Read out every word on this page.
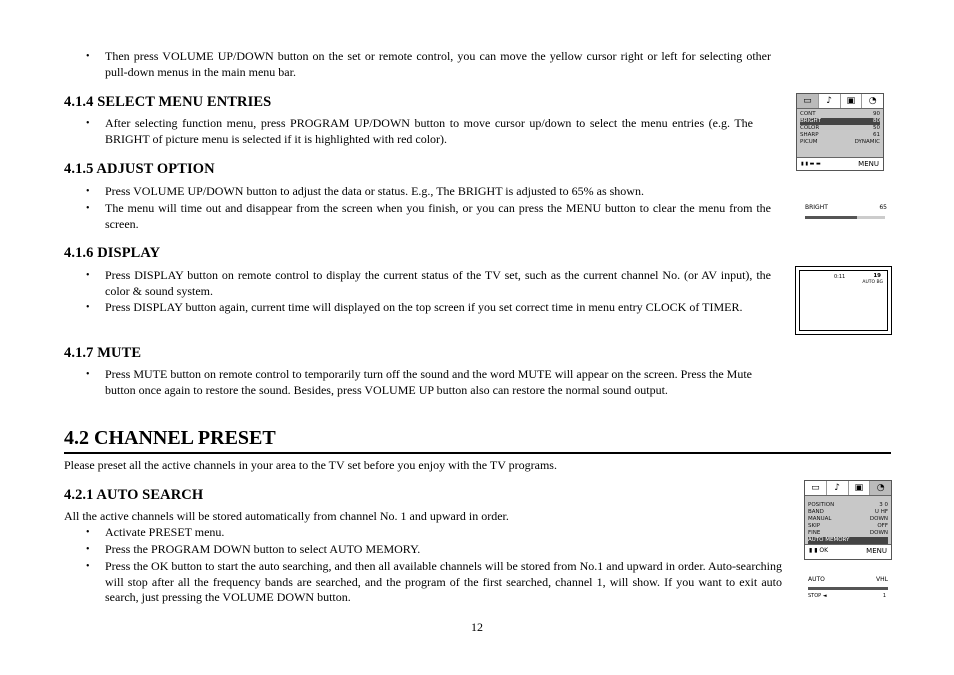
• Then press VOLUME UP/DOWN button on the set or remote control, you can move the yellow cursor right or left for selecting other pull-down menus in the main menu bar.
4.1.4 SELECT MENU ENTRIES
• After selecting function menu, press PROGRAM UP/DOWN button to move cursor up/down to select the menu entries (e.g. The BRIGHT of picture menu is selected if it is highlighted with red color).
4.1.5 ADJUST OPTION
• Press VOLUME UP/DOWN button to adjust the data or status. E.g., The BRIGHT is adjusted to 65% as shown.
• The menu will time out and disappear from the screen when you finish, or you can press the MENU button to clear the menu from the screen.
4.1.6 DISPLAY
• Press DISPLAY button on remote control to display the current status of the TV set, such as the current channel No. (or AV input), the color & sound system.
• Press DISPLAY button again, current time will displayed on the top screen if you set correct time in menu entry CLOCK of TIMER.
4.1.7 MUTE
• Press MUTE button on remote control to temporarily turn off the sound and the word MUTE will appear on the screen. Press the Mute button once again to restore the sound. Besides, press VOLUME UP button also can restore the normal sound output.
4.2 CHANNEL PRESET
Please preset all the active channels in your area to the TV set before you enjoy with the TV programs.
4.2.1 AUTO SEARCH
All the active channels will be stored automatically from channel No. 1 and upward in order.
• Activate PRESET menu.
• Press the PROGRAM DOWN button to select AUTO MEMORY.
• Press the OK button to start the auto searching, and then all available channels will be stored from No.1 and upward in order. Auto-searching will stop after all the frequency bands are searched, and the program of the first searched, channel 1, will show. If you want to exit auto search, just pressing the VOLUME DOWN button.
12
▭	♪	▣	◔
CONT	90
BRIGHT	80
COLOR	50
SHARP	61
PICUM	DYNAMIC
▮ ▮ ▬ ▬	MENU
BRIGHT	65
0:11	19
AUTO BG
▭	♪	▣	◔
POSITION	3 0
BAND	U HF
MANUAL	DOWN
SKIP	OFF
FINE	DOWN
AUTO MEMORY
▮ ▮ OK	MENU
AUTO	VHL
STOP ◄	1
